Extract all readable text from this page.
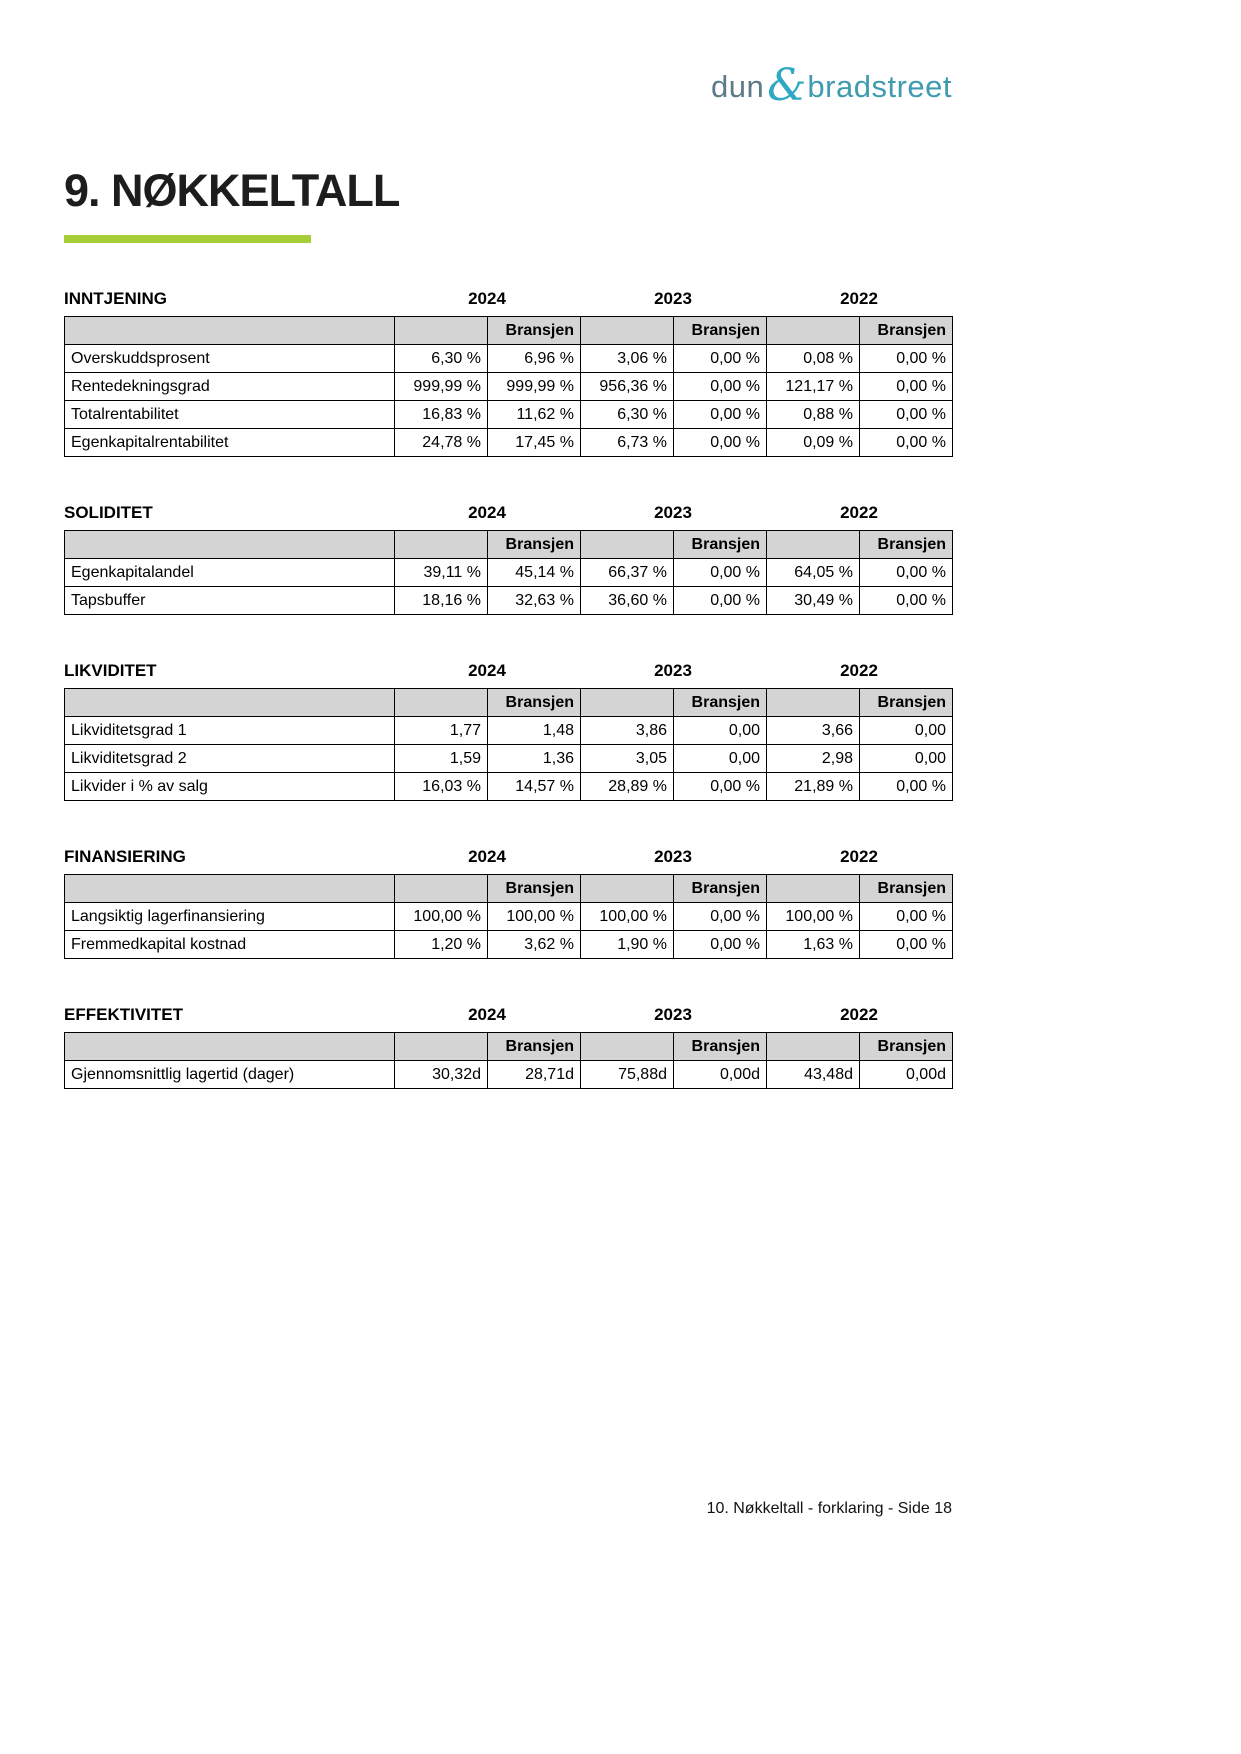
dun & bradstreet
9. NØKKELTALL
INNTJENING	2024	2023	2022
		Bransjen		Bransjen		Bransjen
Overskuddsprosent	6,30 %	6,96 %	3,06 %	0,00 %	0,08 %	0,00 %
Rentedekningsgrad	999,99 %	999,99 %	956,36 %	0,00 %	121,17 %	0,00 %
Totalrentabilitet	16,83 %	11,62 %	6,30 %	0,00 %	0,88 %	0,00 %
Egenkapitalrentabilitet	24,78 %	17,45 %	6,73 %	0,00 %	0,09 %	0,00 %
SOLIDITET	2024	2023	2022
		Bransjen		Bransjen		Bransjen
Egenkapitalandel	39,11 %	45,14 %	66,37 %	0,00 %	64,05 %	0,00 %
Tapsbuffer	18,16 %	32,63 %	36,60 %	0,00 %	30,49 %	0,00 %
LIKVIDITET	2024	2023	2022
		Bransjen		Bransjen		Bransjen
Likviditetsgrad 1	1,77	1,48	3,86	0,00	3,66	0,00
Likviditetsgrad 2	1,59	1,36	3,05	0,00	2,98	0,00
Likvider i % av salg	16,03 %	14,57 %	28,89 %	0,00 %	21,89 %	0,00 %
FINANSIERING	2024	2023	2022
		Bransjen		Bransjen		Bransjen
Langsiktig lagerfinansiering	100,00 %	100,00 %	100,00 %	0,00 %	100,00 %	0,00 %
Fremmedkapital kostnad	1,20 %	3,62 %	1,90 %	0,00 %	1,63 %	0,00 %
EFFEKTIVITET	2024	2023	2022
		Bransjen		Bransjen		Bransjen
Gjennomsnittlig lagertid (dager)	30,32d	28,71d	75,88d	0,00d	43,48d	0,00d
10. Nøkkeltall - forklaring - Side 18
